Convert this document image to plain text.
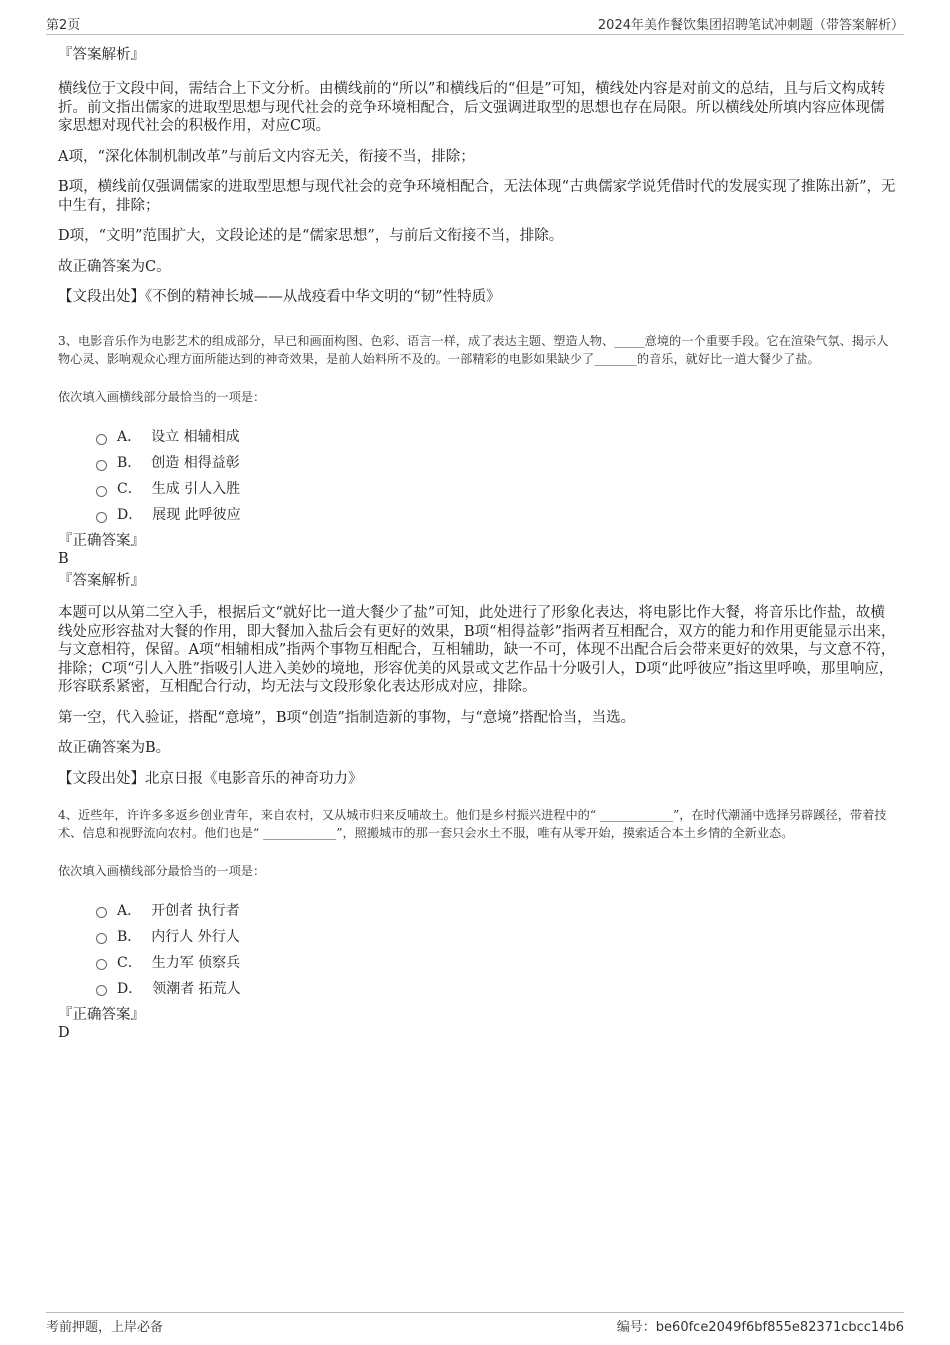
第2页	2024年美作餐饮集团招聘笔试冲刺题（带答案解析）

『答案解析』

横线位于文段中间，需结合上下文分析。由横线前的“所以”和横线后的“但是”可知，横线处内容是对前文的总结，且与后文构成转折。前文指出儒家的进取型思想与现代社会的竞争环境相配合，后文强调进取型的思想也存在局限。所以横线处所填内容应体现儒家思想对现代社会的积极作用，对应C项。

A项，“深化体制机制改革”与前后文内容无关，衔接不当，排除；

B项，横线前仅强调儒家的进取型思想与现代社会的竞争环境相配合，无法体现“古典儒家学说凭借时代的发展实现了推陈出新”，无中生有，排除；

D项，“文明”范围扩大，文段论述的是“儒家思想”，与前后文衔接不当，排除。

故正确答案为C。

【文段出处】《不倒的精神长城——从战疫看中华文明的“韧”性特质》

3、电影音乐作为电影艺术的组成部分，早已和画面构图、色彩、语言一样，成了表达主题、塑造人物、_____意境的一个重要手段。它在渲染气氛、揭示人物心灵、影响观众心理方面所能达到的神奇效果，是前人始料所不及的。一部精彩的电影如果缺少了_______的音乐，就好比一道大餐少了盐。

依次填入画横线部分最恰当的一项是：

A． 设立 相辅相成
B． 创造 相得益彰
C． 生成 引人入胜
D． 展现 此呼彼应

『正确答案』

B

『答案解析』

本题可以从第二空入手，根据后文“就好比一道大餐少了盐”可知，此处进行了形象化表达，将电影比作大餐，将音乐比作盐，故横线处应形容盐对大餐的作用，即大餐加入盐后会有更好的效果，B项“相得益彰”指两者互相配合，双方的能力和作用更能显示出来，与文意相符，保留。A项“相辅相成”指两个事物互相配合，互相辅助，缺一不可，体现不出配合后会带来更好的效果，与文意不符，排除；C项“引人入胜”指吸引人进入美妙的境地，形容优美的风景或文艺作品十分吸引人，D项“此呼彼应”指这里呼唤，那里响应，形容联系紧密，互相配合行动，均无法与文段形象化表达形成对应，排除。

第一空，代入验证，搭配“意境”，B项“创造”指制造新的事物，与“意境”搭配恰当，当选。

故正确答案为B。

【文段出处】北京日报《电影音乐的神奇功力》

4、近些年，许许多多返乡创业青年，来自农村，又从城市归来反哺故土。他们是乡村振兴进程中的“ ____________”，在时代潮涌中选择另辟蹊径，带着技术、信息和视野流向农村。他们也是“ ____________”，照搬城市的那一套只会水土不服，唯有从零开始，摸索适合本土乡情的全新业态。

依次填入画横线部分最恰当的一项是：

A． 开创者 执行者
B． 内行人 外行人
C． 生力军 侦察兵
D． 领潮者 拓荒人

『正确答案』

D

考前押题，上岸必备	编号：be60fce2049f6bf855e82371cbcc14b6
